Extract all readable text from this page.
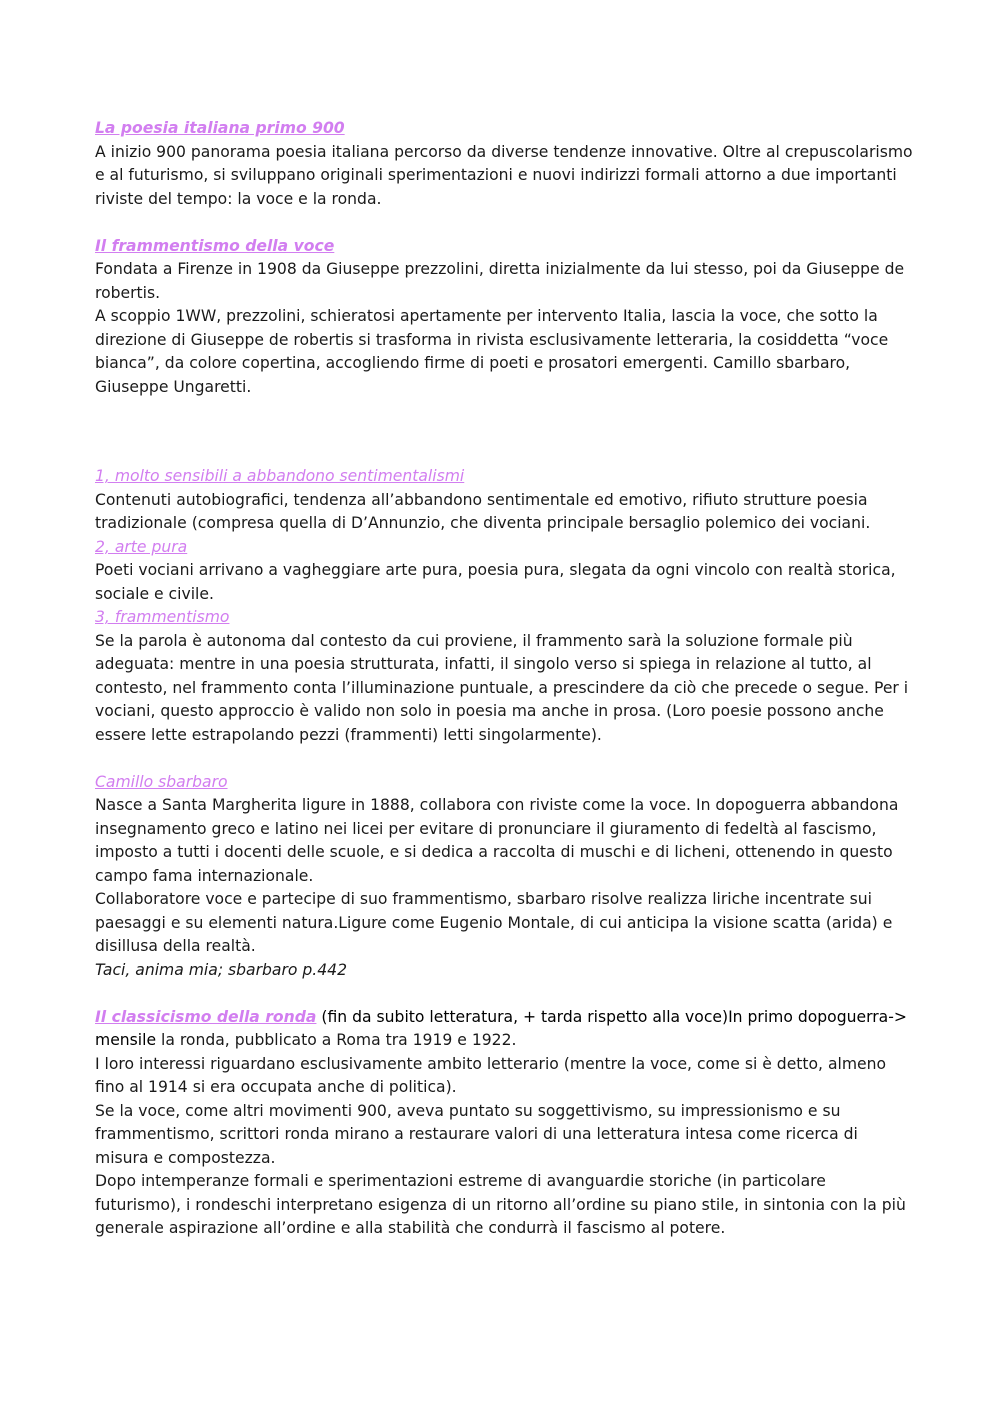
La poesia italiana primo 900

A inizio 900 panorama poesia italiana percorso da diverse tendenze innovative. Oltre al crepuscolarismo e al futurismo, si sviluppano originali sperimentazioni e nuovi indirizzi formali attorno a due importanti riviste del tempo: la voce e la ronda.

Il frammentismo della voce

Fondata a Firenze in 1908 da Giuseppe prezzolini, diretta inizialmente da lui stesso, poi da Giuseppe de robertis.

A scoppio 1WW, prezzolini, schieratosi apertamente per intervento Italia, lascia la voce, che sotto la direzione di Giuseppe de robertis si trasforma in rivista esclusivamente letteraria, la cosiddetta “voce bianca”, da colore copertina, accogliendo firme di poeti e prosatori emergenti. Camillo sbarbaro, Giuseppe Ungaretti.

1, molto sensibili a abbandono sentimentalismi

Contenuti autobiografici, tendenza all’abbandono sentimentale ed emotivo, rifiuto strutture poesia tradizionale (compresa quella di D’Annunzio, che diventa principale bersaglio polemico dei vociani.

2, arte pura

Poeti vociani arrivano a vagheggiare arte pura, poesia pura, slegata da ogni vincolo con realtà storica, sociale e civile.

3, frammentismo

Se la parola è autonoma dal contesto da cui proviene, il frammento sarà la soluzione formale più adeguata: mentre in una poesia strutturata, infatti, il singolo verso si spiega in relazione al tutto, al contesto, nel frammento conta l’illuminazione puntuale, a prescindere da ciò che precede o segue. Per i vociani, questo approccio è valido non solo in poesia ma anche in prosa. (Loro poesie possono anche essere lette estrapolando pezzi (frammenti) letti singolarmente).

Camillo sbarbaro

Nasce a Santa Margherita ligure in 1888, collabora con riviste come la voce. In dopoguerra abbandona insegnamento greco e latino nei licei per evitare di pronunciare il giuramento di fedeltà al fascismo, imposto a tutti i docenti delle scuole, e si dedica a raccolta di muschi e di licheni, ottenendo in questo campo fama internazionale.

Collaboratore voce e partecipe di suo frammentismo, sbarbaro risolve realizza liriche incentrate sui paesaggi e su elementi natura.Ligure come Eugenio Montale, di cui anticipa la visione scatta (arida) e disillusa della realtà.

Taci, anima mia; sbarbaro p.442

Il classicismo della ronda (fin da subito letteratura, + tarda rispetto alla voce)In primo dopoguerra-> mensile la ronda, pubblicato a Roma tra 1919 e 1922.

I loro interessi riguardano esclusivamente ambito letterario (mentre la voce, come si è detto, almeno fino al 1914 si era occupata anche di politica).

Se la voce, come altri movimenti 900, aveva puntato su soggettivismo, su impressionismo e su frammentismo, scrittori ronda mirano a restaurare valori di una letteratura intesa come ricerca di misura e compostezza.

Dopo intemperanze formali e sperimentazioni estreme di avanguardie storiche (in particolare futurismo), i rondeschi interpretano esigenza di un ritorno all’ordine su piano stile, in sintonia con la più generale aspirazione all’ordine e alla stabilità che condurrà il fascismo al potere.
